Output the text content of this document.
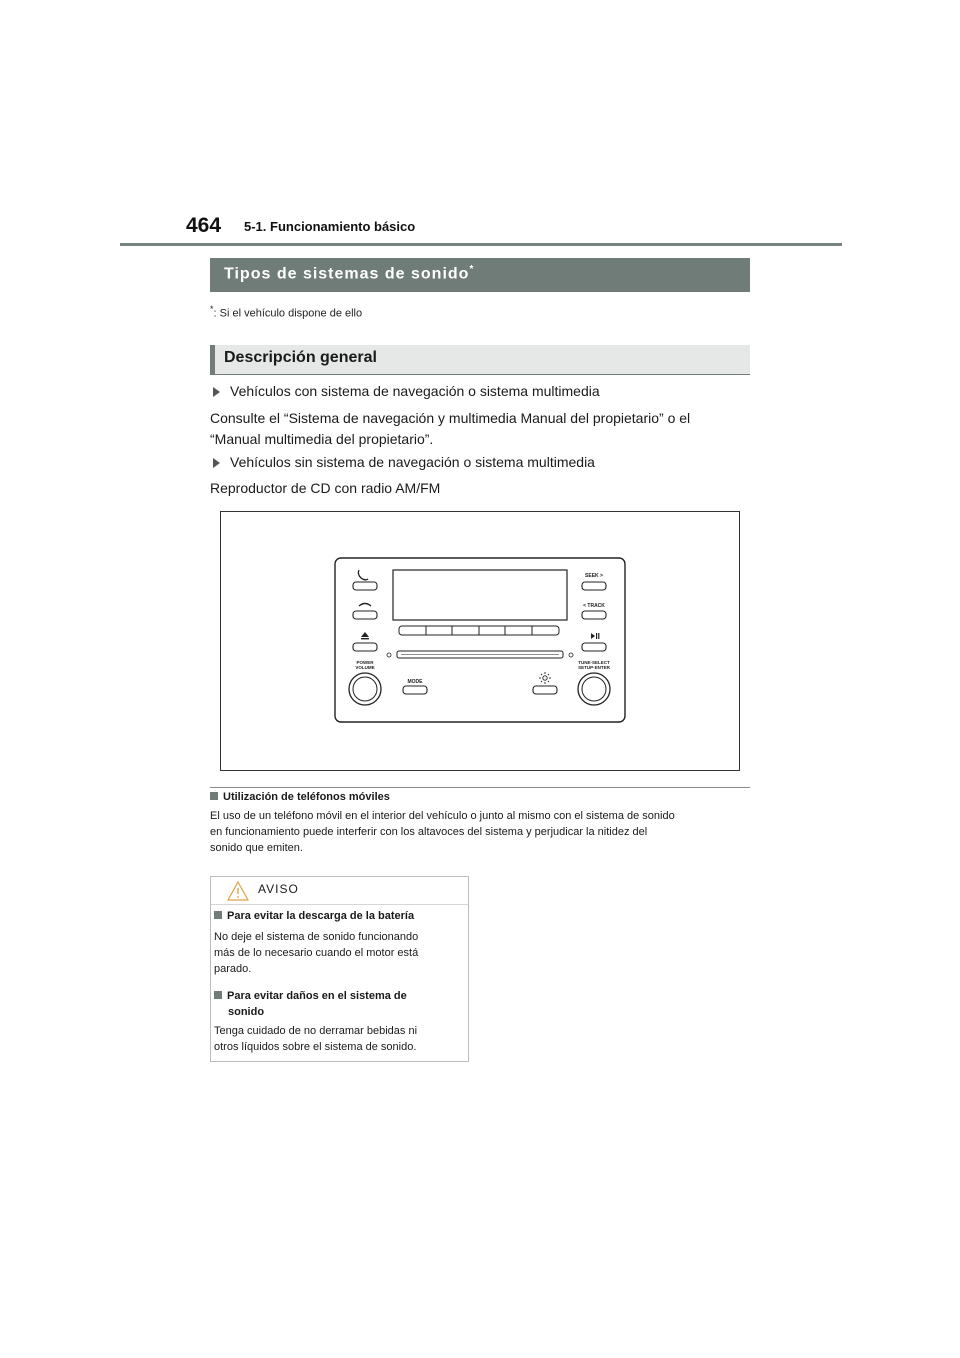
464 5-1. Funcionamiento básico
Tipos de sistemas de sonido*
*: Si el vehículo dispone de ello
Descripción general
Vehículos con sistema de navegación o sistema multimedia
Consulte el “Sistema de navegación y multimedia Manual del propietario” o el
“Manual multimedia del propietario”.
Vehículos sin sistema de navegación o sistema multimedia
Reproductor de CD con radio AM/FM
POWER
VOLUME
MODE
SEEK >
< TRACK
TUNE·SELECT
SETUP·ENTER
Utilización de teléfonos móviles
El uso de un teléfono móvil en el interior del vehículo o junto al mismo con el sistema de sonido
en funcionamiento puede interferir con los altavoces del sistema y perjudicar la nitidez del
sonido que emiten.
AVISO
Para evitar la descarga de la batería
No deje el sistema de sonido funcionando
más de lo necesario cuando el motor está
parado.
Para evitar daños en el sistema de
sonido
Tenga cuidado de no derramar bebidas ni
otros líquidos sobre el sistema de sonido.
